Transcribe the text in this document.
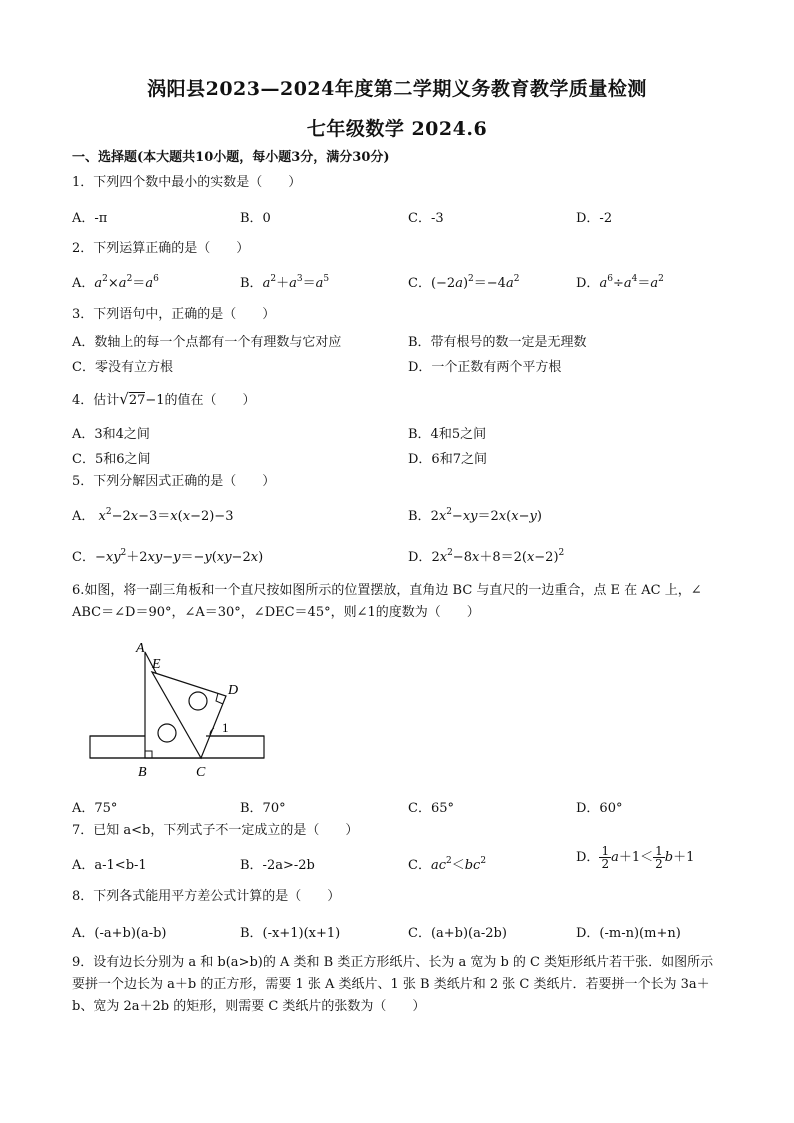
涡阳县2023—2024年度第二学期义务教育教学质量检测
七年级数学 2024.6
一、选择题(本大题共10小题，每小题3分，满分30分)
1．下列四个数中最小的实数是（　　）
A．-π	B．0	C．-3	D．-2
2．下列运算正确的是（　　）
A．$a^2\times a^2=a^6$	B．$a^2+a^3=a^5$	C．$(-2a)^2=-4a^2$	D．$a^6\div a^4=a^2$
3．下列语句中，正确的是（　　）
A．数轴上的每一个点都有一个有理数与它对应	B．带有根号的数一定是无理数
C．零没有立方根	D．一个正数有两个平方根
4．估计√27−1的值在（　　）
A．3和4之间	B．4和5之间
C．5和6之间	D．6和7之间
5．下列分解因式正确的是（　　）
A． $x^2-2x-3=x(x-2)-3$	B．$2x^2-xy=2x(x-y)$
C．$-xy^2+2xy-y=-y(xy-2x)$	D．$2x^2-8x+8=2(x-2)^2$
6.如图，将一副三角板和一个直尺按如图所示的位置摆放，直角边 BC 与直尺的一边重合，点 E 在 AC 上，∠
ABC＝∠D＝90°，∠A＝30°，∠DEC＝45°，则∠1的度数为（　　）
A
E
D
1
B	C
A．75°	B．70°	C．65°	D．60°
7．已知 a<b，下列式子不一定成立的是（　　）
A．a-1<b-1	B．-2a>-2b	C．$ac^2<bc^2$	D． $\frac{1}{2} a+1< \frac{1}{2} b+1$
8．下列各式能用平方差公式计算的是（　　）
A．(-a+b)(a-b)	B．(-x+1)(x+1)	C．(a+b)(a-2b)	D．(-m-n)(m+n)
9．设有边长分别为 a 和 b(a>b)的 A 类和 B 类正方形纸片、长为 a 宽为 b 的 C 类矩形纸片若干张．如图所示
要拼一个边长为 a＋b 的正方形，需要 1 张 A 类纸片、1 张 B 类纸片和 2 张 C 类纸片．若要拼一个长为 3a＋
b、宽为 2a＋2b 的矩形，则需要 C 类纸片的张数为（　　）
